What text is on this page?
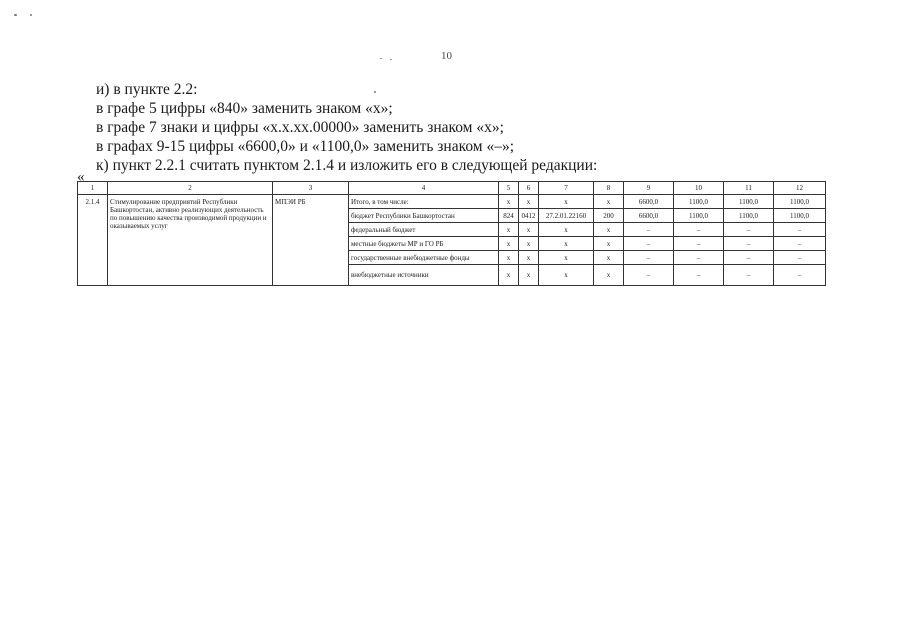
10

и) в пункте 2.2:

в графе 5 цифры «840» заменить знаком «х»;

в графе 7 знаки и цифры «х.х.хх.00000» заменить знаком «х»;

в графах 9-15 цифры «6600,0» и «1100,0» заменить знаком «–»;

к) пункт 2.2.1 считать пунктом 2.1.4 и изложить его в следующей редакции:

«
1	2	3	4	5	6	7	8	9	10	11	12
2.1.4	Стимулирование предприятий Республики Башкортостан, активно реализующих деятельность по повышению качества производимой продукции и оказываемых услуг	МПЭИ РБ	Итого, в том числе:	х	х	х	х	6600,0	1100,0	1100,0	1100,0
			бюджет Республики Башкортостан	824	0412	27.2.01.22160	200	6600,0	1100,0	1100,0	1100,0
			федеральный бюджет	х	х	х	х	–	–	–	–
			местные бюджеты МР и ГО РБ	х	х	х	х	–	–	–	–
			государственные внебюджетные фонды	х	х	х	х	–	–	–	–
			внебюджетные источники	х	х	х	х	–	–	–	–
